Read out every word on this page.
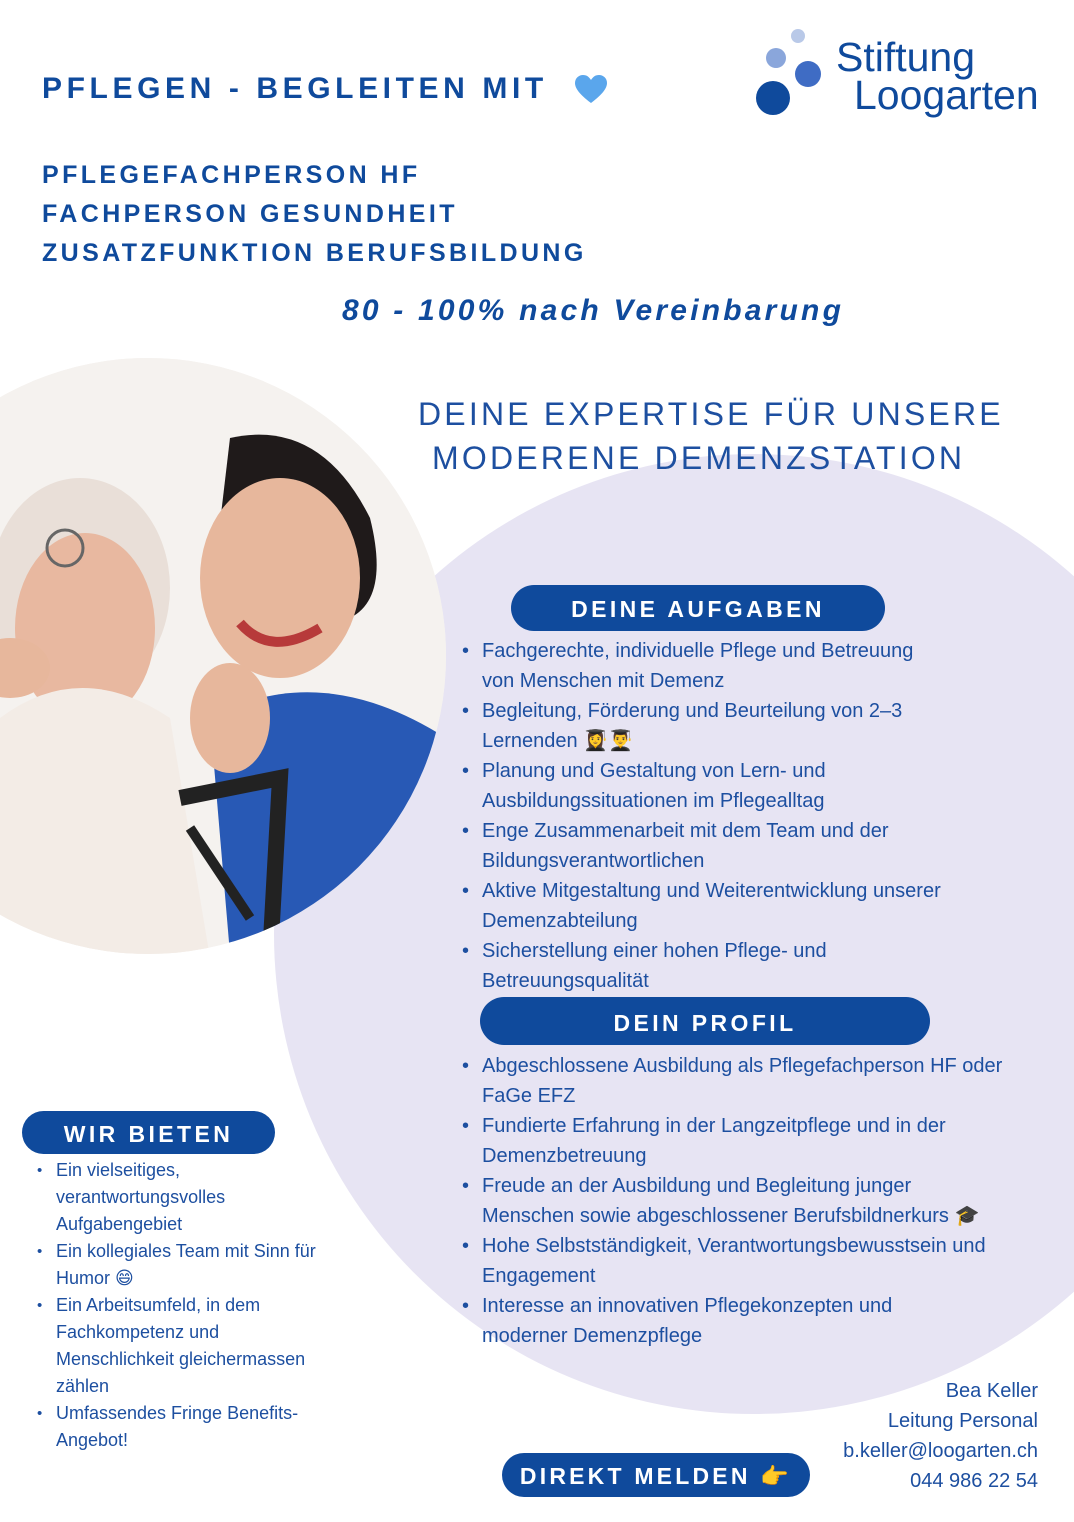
PFLEGEN - BEGLEITEN MIT
PFLEGEFACHPERSON HF
FACHPERSON GESUNDHEIT
ZUSATZFUNKTION BERUFSBILDUNG
80 - 100% nach Vereinbarung
Stiftung
Loogarten
DEINE EXPERTISE FÜR UNSERE
MODERENE DEMENZSTATION
DEINE AUFGABEN
• Fachgerechte, individuelle Pflege und Betreuung
von Menschen mit Demenz
• Begleitung, Förderung und Beurteilung von 2–3
Lernenden 👩‍🎓👨‍🎓
• Planung und Gestaltung von Lern- und
Ausbildungssituationen im Pflegealltag
• Enge Zusammenarbeit mit dem Team und der
Bildungsverantwortlichen
• Aktive Mitgestaltung und Weiterentwicklung unserer
Demenzabteilung
• Sicherstellung einer hohen Pflege- und
Betreuungsqualität
DEIN PROFIL
• Abgeschlossene Ausbildung als Pflegefachperson HF oder
FaGe EFZ
• Fundierte Erfahrung in der Langzeitpflege und in der
Demenzbetreuung
• Freude an der Ausbildung und Begleitung junger
Menschen sowie abgeschlossener Berufsbildnerkurs 🎓
• Hohe Selbstständigkeit, Verantwortungsbewusstsein und
Engagement
• Interesse an innovativen Pflegekonzepten und
moderner Demenzpflege
WIR BIETEN
• Ein vielseitiges,
verantwortungsvolles
Aufgabengebiet
• Ein kollegiales Team mit Sinn für
Humor 😄
• Ein Arbeitsumfeld, in dem
Fachkompetenz und
Menschlichkeit gleichermassen
zählen
• Umfassendes Fringe Benefits-
Angebot!
DIREKT MELDEN 👉
Bea Keller
Leitung Personal
b.keller@loogarten.ch
044 986 22 54
